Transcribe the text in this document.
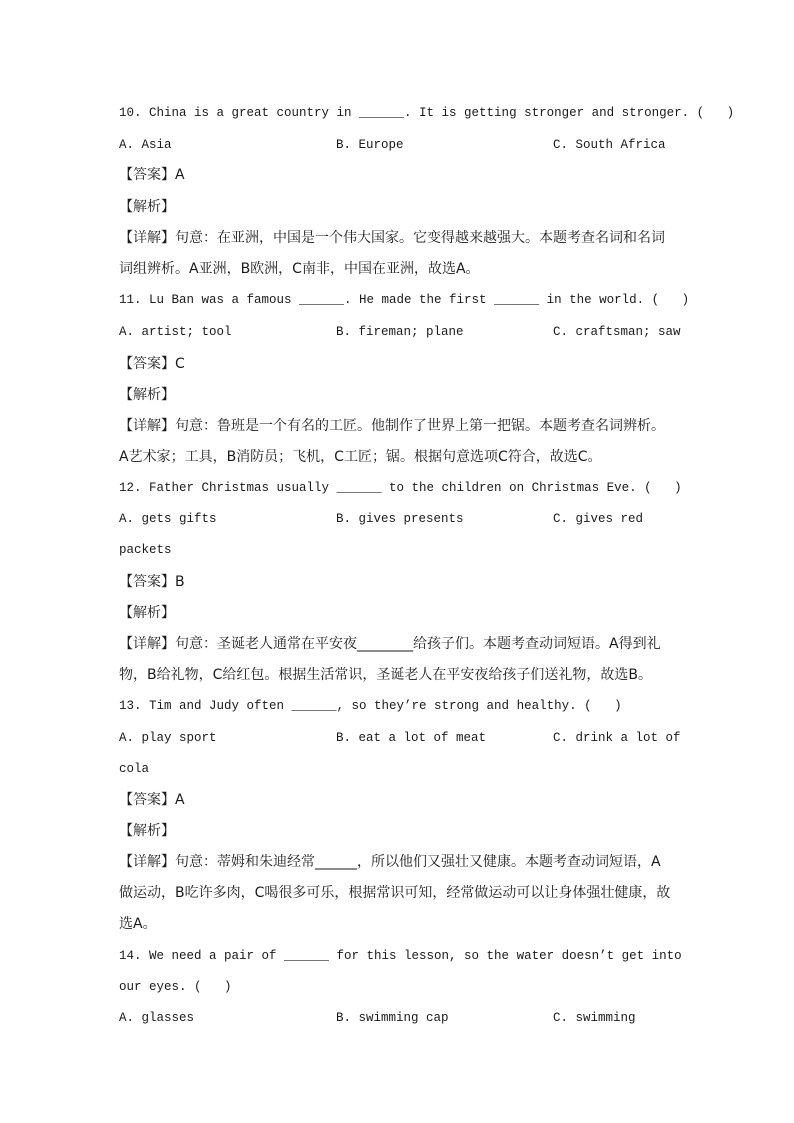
10. China is a great country in ______. It is getting stronger and stronger. (   )

A. Asia	B. Europe	C. South Africa

【答案】A

【解析】

【详解】句意：在亚洲，中国是一个伟大国家。它变得越来越强大。本题考查名词和名词

词组辨析。A亚洲，B欧洲，C南非，中国在亚洲，故选A。

11. Lu Ban was a famous ______. He made the first ______ in the world. (   )

A. artist; tool	B. fireman; plane	C. craftsman; saw

【答案】C

【解析】

【详解】句意：鲁班是一个有名的工匠。他制作了世界上第一把锯。本题考查名词辨析。

A艺术家；工具，B消防员；飞机，C工匠；锯。根据句意选项C符合，故选C。

12. Father Christmas usually ______ to the children on Christmas Eve. (   )

A. gets gifts	B. gives presents	C. gives red

packets

【答案】B

【解析】

【详解】句意：圣诞老人通常在平安夜________给孩子们。本题考查动词短语。A得到礼

物，B给礼物，C给红包。根据生活常识，圣诞老人在平安夜给孩子们送礼物，故选B。

13. Tim and Judy often ______, so they’re strong and healthy. (   )

A. play sport	B. eat a lot of meat	C. drink a lot of

cola

【答案】A

【解析】

【详解】句意：蒂姆和朱迪经常______，所以他们又强壮又健康。本题考查动词短语，A

做运动，B吃许多肉，C喝很多可乐，根据常识可知，经常做运动可以让身体强壮健康，故

选A。

14. We need a pair of ______ for this lesson, so the water doesn’t get into

our eyes. (   )

A. glasses	B. swimming cap	C. swimming
